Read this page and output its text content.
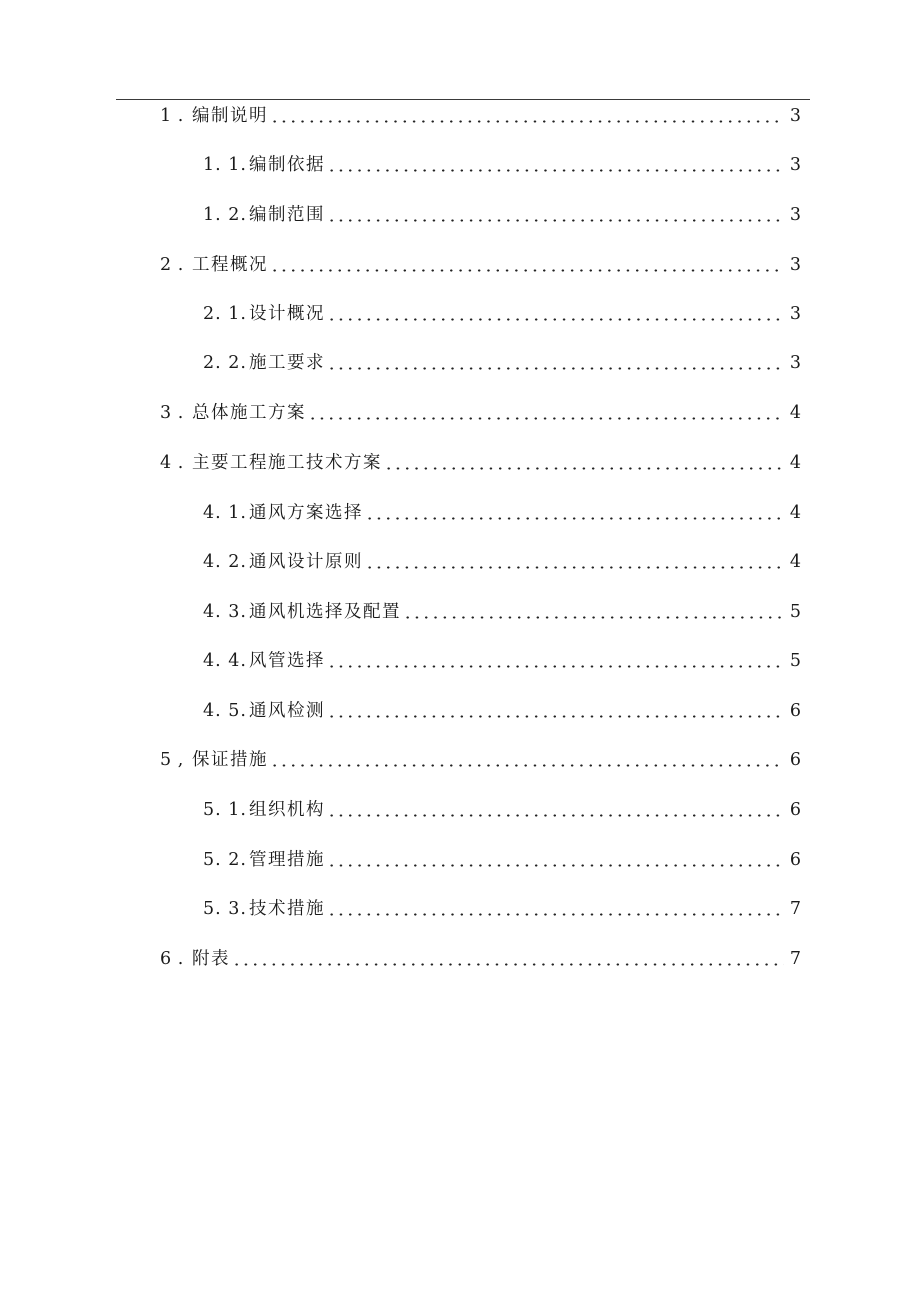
1 . 编制说明	3
1. 1. 编制依据	3
1. 2. 编制范围	3
2 . 工程概况	3
2. 1. 设计概况	3
2. 2. 施工要求	3
3 . 总体施工方案	4
4 . 主要工程施工技术方案	4
4. 1. 通风方案选择	4
4. 2. 通风设计原则	4
4. 3. 通风机选择及配置	5
4. 4. 风管选择	5
4. 5. 通风检测	6
5 , 保证措施	6
5. 1. 组织机构	6
5. 2. 管理措施	6
5. 3. 技术措施	7
6 . 附表	7
